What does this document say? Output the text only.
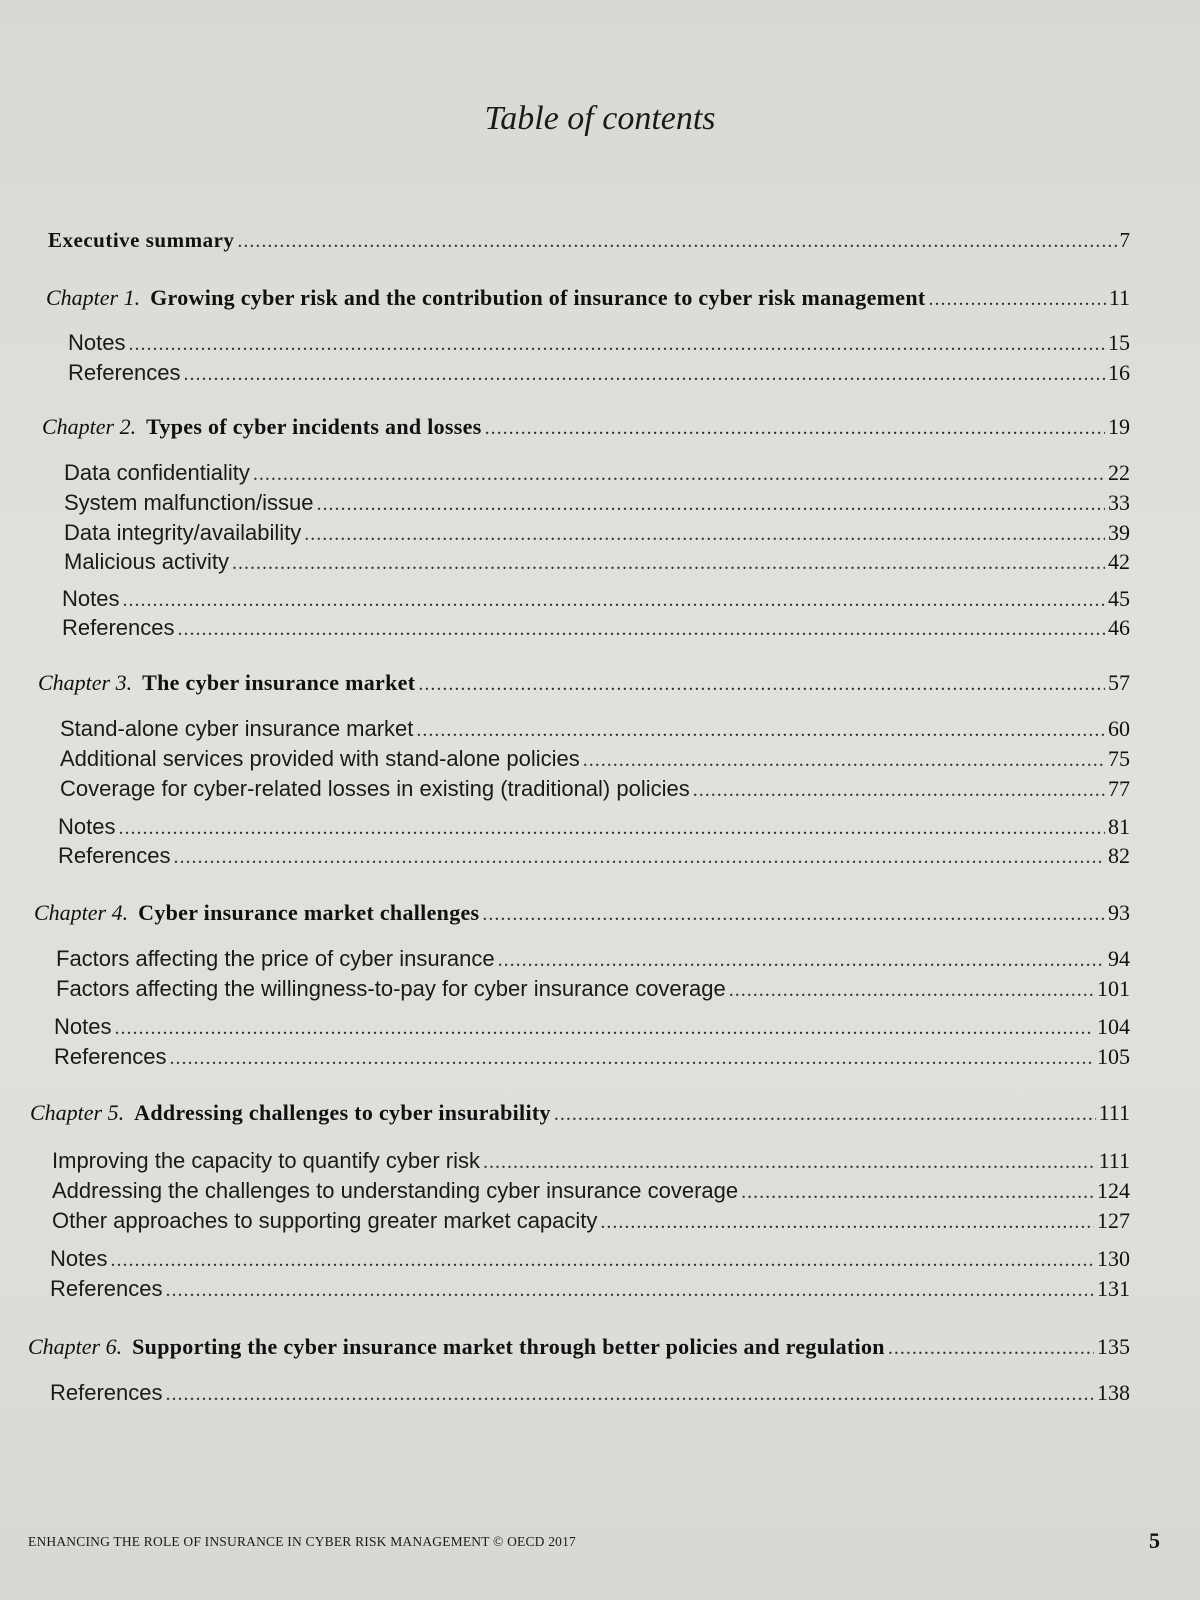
Table of contents
Executive summary .....	7
Chapter 1. Growing cyber risk and the contribution of insurance to cyber risk management .....	11
Notes .....	15
References .....	16
Chapter 2. Types of cyber incidents and losses .....	19
Data confidentiality .....	22
System malfunction/issue .....	33
Data integrity/availability .....	39
Malicious activity .....	42
Notes .....	45
References .....	46
Chapter 3. The cyber insurance market .....	57
Stand-alone cyber insurance market .....	60
Additional services provided with stand-alone policies .....	75
Coverage for cyber-related losses in existing (traditional) policies .....	77
Notes .....	81
References .....	82
Chapter 4. Cyber insurance market challenges .....	93
Factors affecting the price of cyber insurance .....	94
Factors affecting the willingness-to-pay for cyber insurance coverage .....	101
Notes .....	104
References .....	105
Chapter 5. Addressing challenges to cyber insurability .....	111
Improving the capacity to quantify cyber risk .....	111
Addressing the challenges to understanding cyber insurance coverage .....	124
Other approaches to supporting greater market capacity .....	127
Notes .....	130
References .....	131
Chapter 6. Supporting the cyber insurance market through better policies and regulation .....	135
References .....	138
ENHANCING THE ROLE OF INSURANCE IN CYBER RISK MANAGEMENT © OECD 2017	5
